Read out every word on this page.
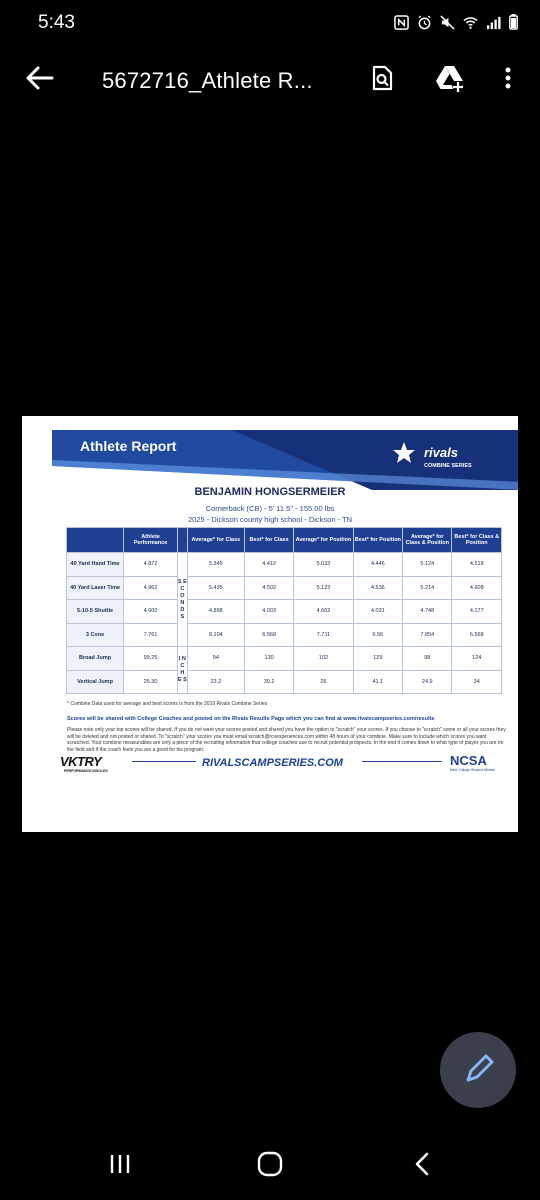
5:43
5672716_Athlete R...
rivals
COMBINE SERIES
Athlete Report
BENJAMIN HONGSERMEIER
Cornerback (CB) - 5' 11.5" - 155.00 lbs
2025 - Dickson county high school - Dickson - TN
	Athlete Performance		Average* for Class	Best* for Class	Average* for Position	Best* for Position	Average* for Class & Position	Best* for Class & Position
40 Yard Hand Time	4.872	S E C O N D S	5.345	4.412	5.033	4.446	5.124	4.518
40 Yard Laser Time	4.962		5.435	4.502	5.123	4.536	5.214	4.608
5-10-5 Shuttle	4.600		4.898	4.003	4.662	4.031	4.748	4.177
3 Cone	7.761		8.104	6.568	7.711	6.56	7.854	6.568
Broad Jump	99.25	I N C H E S	94	130	102	129	98	124
Vertical Jump	25.30		23.2	39.2	26	41.1	24.9	34
* Combine Data used for average and best scores is from the 2019 Rivals Combine Series
Scores will be shared with College Coaches and posted on the Rivals Results Page which you can find at www.rivalscampseries.com/results
Please note only your top scores will be shared. If you do not want your scores posted and shared you have the option to "scratch" your scores. If you choose to "scratch" some or all your scores they will be deleted and not posted or shared. To "scratch" your scores you must email scratch@rcxexperiences.com within 48 hours of your combine. Make sure to include which scores you want scratched. Your combine measurables are only a piece of the recruiting information that college coaches use to recruit potential prospects. In the end it comes down to what type of player you are on the field and if the coach feels you are a good for his program.
VKTRY
PERFORMANCE INSOLES
RIVALSCAMPSERIES.COM	NCSA
Next College Student Athlete
